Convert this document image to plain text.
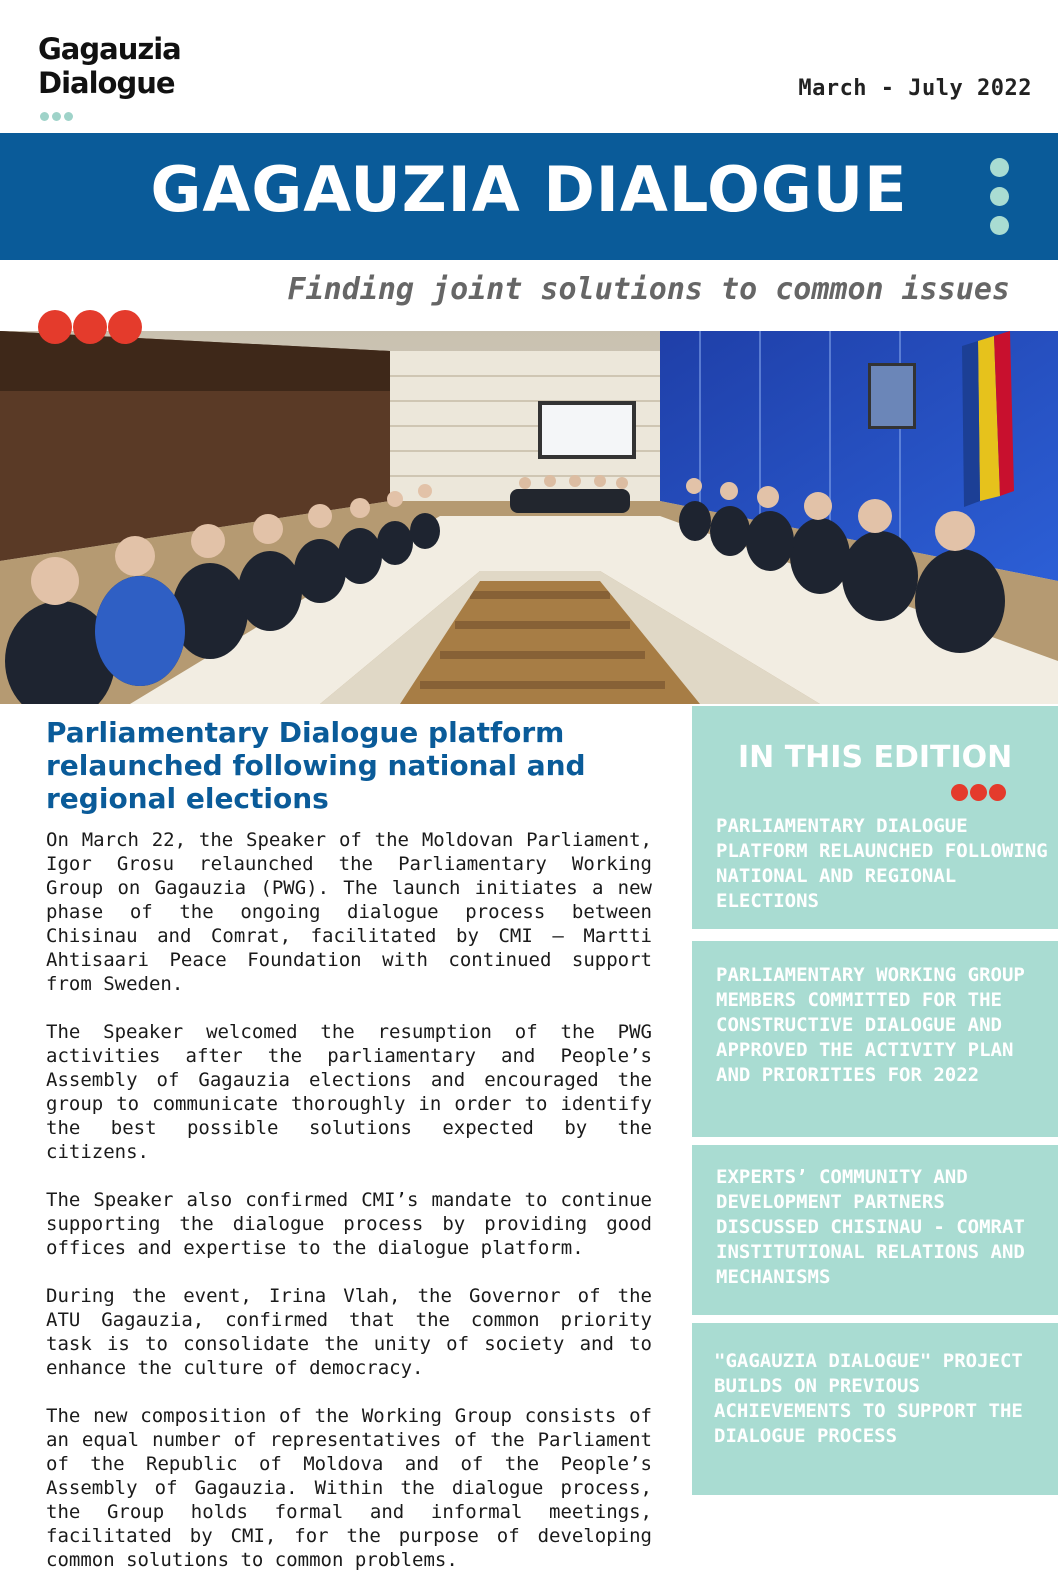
Gagauzia
Dialogue	March - July 2022
GAGAUZIA DIALOGUE
Finding joint solutions to common issues
Parliamentary Dialogue platform relaunched following national and regional elections

On March 22, the Speaker of the Moldovan Parliament, Igor Grosu relaunched the Parliamentary Working Group on Gagauzia (PWG). The launch initiates a new phase of the ongoing dialogue process between Chisinau and Comrat, facilitated by CMI – Martti Ahtisaari Peace Foundation with continued support from Sweden.

The Speaker welcomed the resumption of the PWG activities after the parliamentary and People’s Assembly of Gagauzia elections and encouraged the group to communicate thoroughly in order to identify the best possible solutions expected by the citizens.

The Speaker also confirmed CMI’s mandate to continue supporting the dialogue process by providing good offices and expertise to the dialogue platform.

During the event, Irina Vlah, the Governor of the ATU Gagauzia, confirmed that the common priority task is to consolidate the unity of society and to enhance the culture of democracy.

The new composition of the Working Group consists of an equal number of representatives of the Parliament of the Republic of Moldova and of the People’s Assembly of Gagauzia. Within the dialogue process, the Group holds formal and informal meetings, facilitated by CMI, for the purpose of developing common solutions to common problems.

IN THIS EDITION
PARLIAMENTARY DIALOGUE PLATFORM RELAUNCHED FOLLOWING NATIONAL AND REGIONAL ELECTIONS
PARLIAMENTARY WORKING GROUP MEMBERS COMMITTED FOR THE CONSTRUCTIVE DIALOGUE AND APPROVED THE ACTIVITY PLAN AND PRIORITIES FOR 2022
EXPERTS’ COMMUNITY AND DEVELOPMENT PARTNERS DISCUSSED CHISINAU - COMRAT INSTITUTIONAL RELATIONS AND MECHANISMS
"GAGAUZIA DIALOGUE" PROJECT BUILDS ON PREVIOUS ACHIEVEMENTS TO SUPPORT THE DIALOGUE PROCESS
